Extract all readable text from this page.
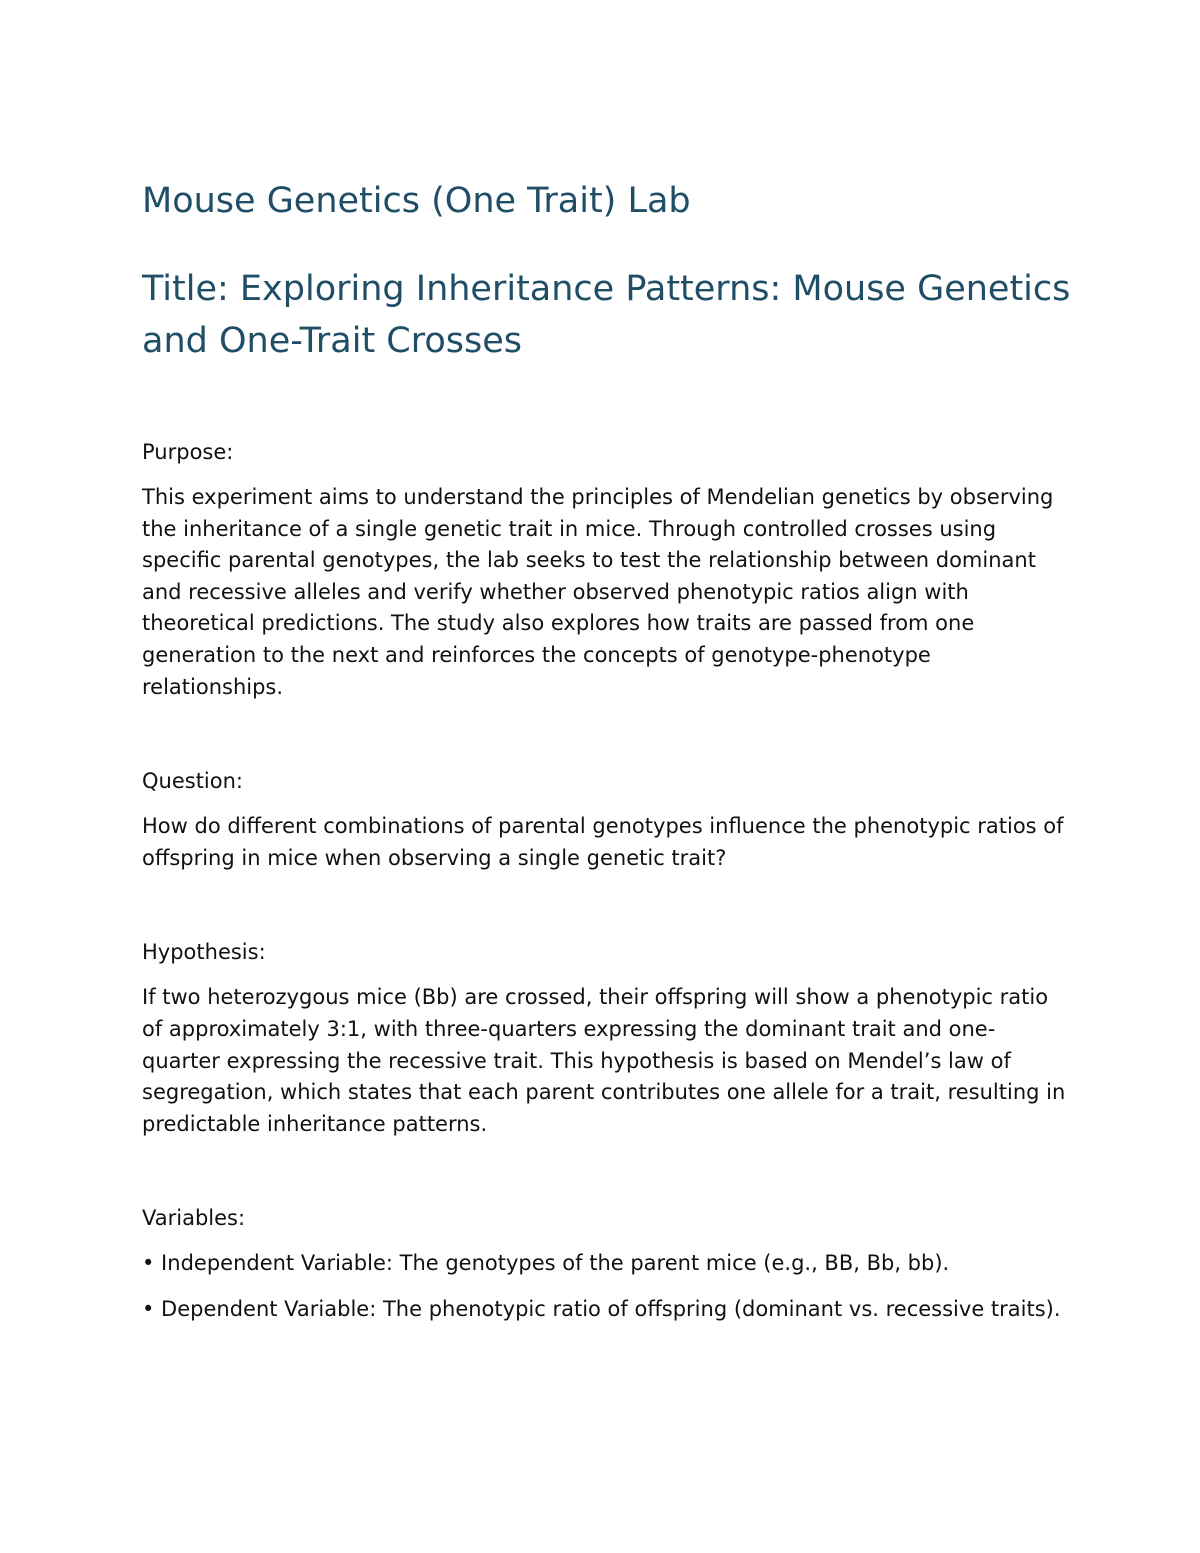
Mouse Genetics (One Trait) Lab
Title: Exploring Inheritance Patterns: Mouse Genetics and One-Trait Crosses

Purpose:

This experiment aims to understand the principles of Mendelian genetics by observing the inheritance of a single genetic trait in mice. Through controlled crosses using specific parental genotypes, the lab seeks to test the relationship between dominant and recessive alleles and verify whether observed phenotypic ratios align with theoretical predictions. The study also explores how traits are passed from one generation to the next and reinforces the concepts of genotype-phenotype relationships.

Question:

How do different combinations of parental genotypes influence the phenotypic ratios of offspring in mice when observing a single genetic trait?

Hypothesis:

If two heterozygous mice (Bb) are crossed, their offspring will show a phenotypic ratio of approximately 3:1, with three-quarters expressing the dominant trait and one-quarter expressing the recessive trait. This hypothesis is based on Mendel’s law of segregation, which states that each parent contributes one allele for a trait, resulting in predictable inheritance patterns.

Variables:

• Independent Variable: The genotypes of the parent mice (e.g., BB, Bb, bb).

• Dependent Variable: The phenotypic ratio of offspring (dominant vs. recessive traits).
